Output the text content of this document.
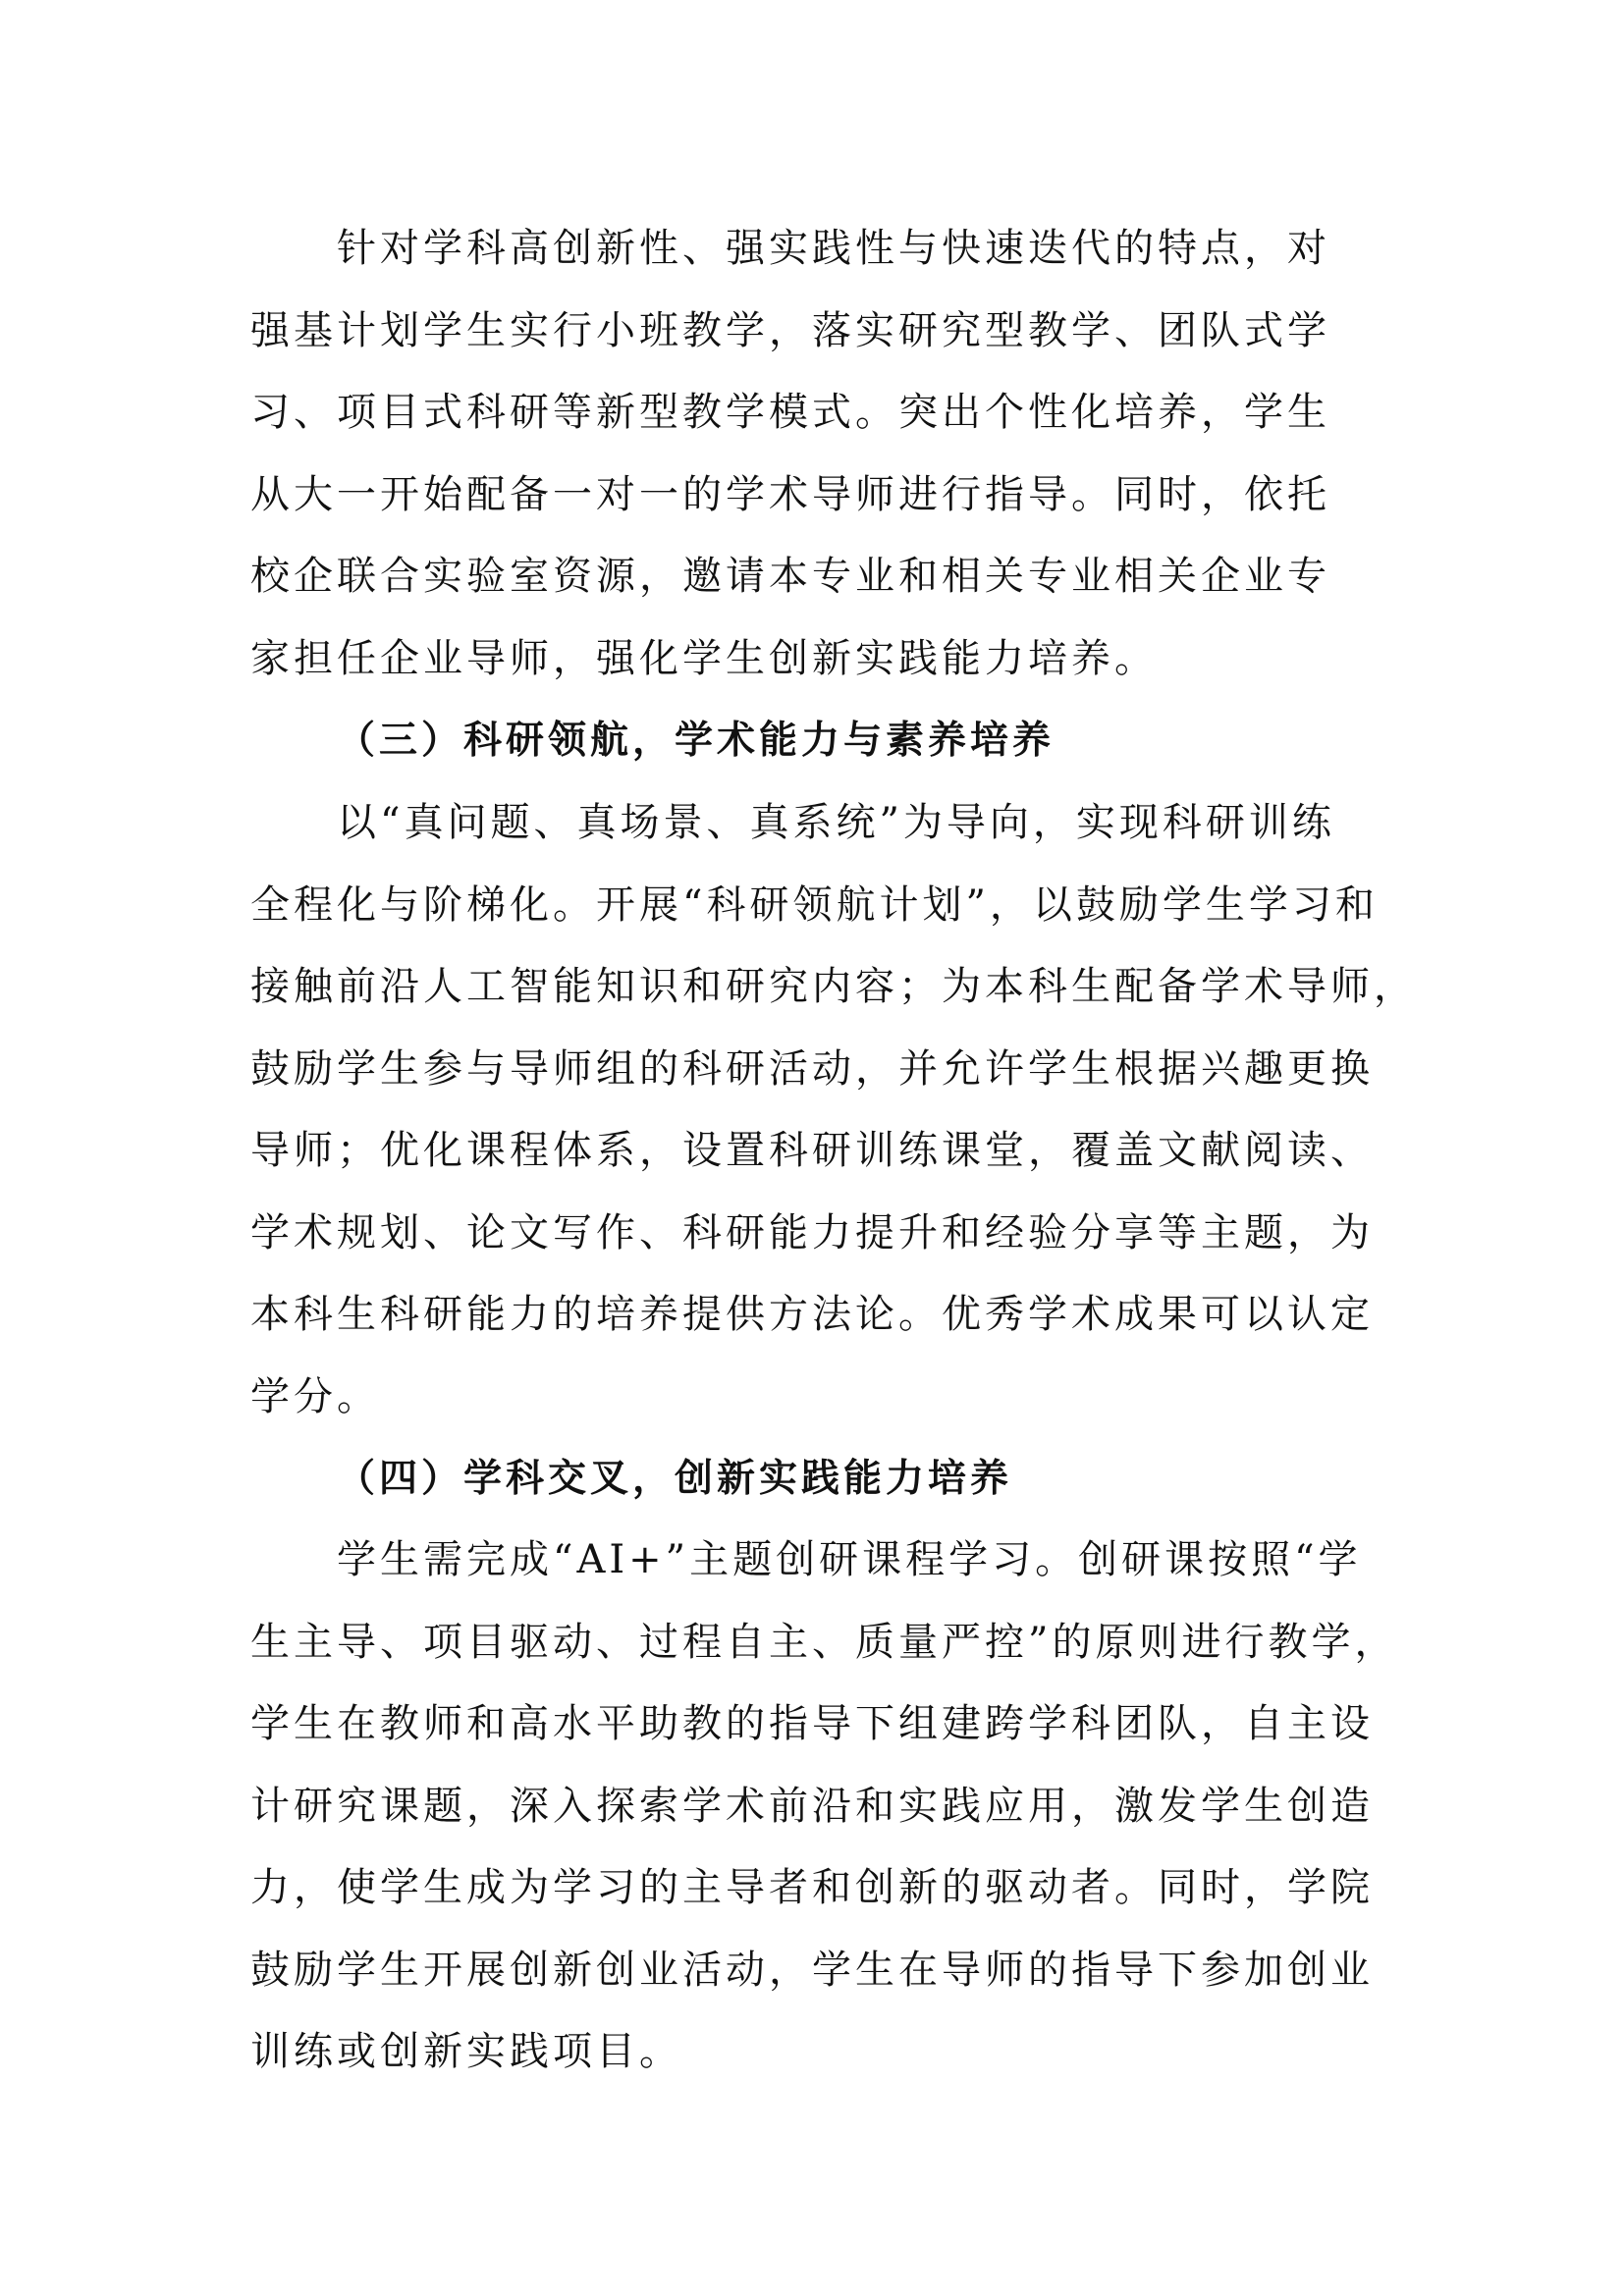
针对学科高创新性、强实践性与快速迭代的特点，对
强基计划学生实行小班教学，落实研究型教学、团队式学
习、项目式科研等新型教学模式。突出个性化培养，学生
从大一开始配备一对一的学术导师进行指导。同时，依托
校企联合实验室资源，邀请本专业和相关专业相关企业专
家担任企业导师，强化学生创新实践能力培养。

（三）科研领航，学术能力与素养培养

以“真问题、真场景、真系统”为导向，实现科研训练
全程化与阶梯化。开展“科研领航计划”，以鼓励学生学习和
接触前沿人工智能知识和研究内容；为本科生配备学术导师，
鼓励学生参与导师组的科研活动，并允许学生根据兴趣更换
导师；优化课程体系，设置科研训练课堂，覆盖文献阅读、
学术规划、论文写作、科研能力提升和经验分享等主题，为
本科生科研能力的培养提供方法论。优秀学术成果可以认定
学分。

（四）学科交叉，创新实践能力培养

学生需完成“AI+”主题创研课程学习。创研课按照“学
生主导、项目驱动、过程自主、质量严控”的原则进行教学，
学生在教师和高水平助教的指导下组建跨学科团队，自主设
计研究课题，深入探索学术前沿和实践应用，激发学生创造
力，使学生成为学习的主导者和创新的驱动者。同时，学院
鼓励学生开展创新创业活动，学生在导师的指导下参加创业
训练或创新实践项目。
